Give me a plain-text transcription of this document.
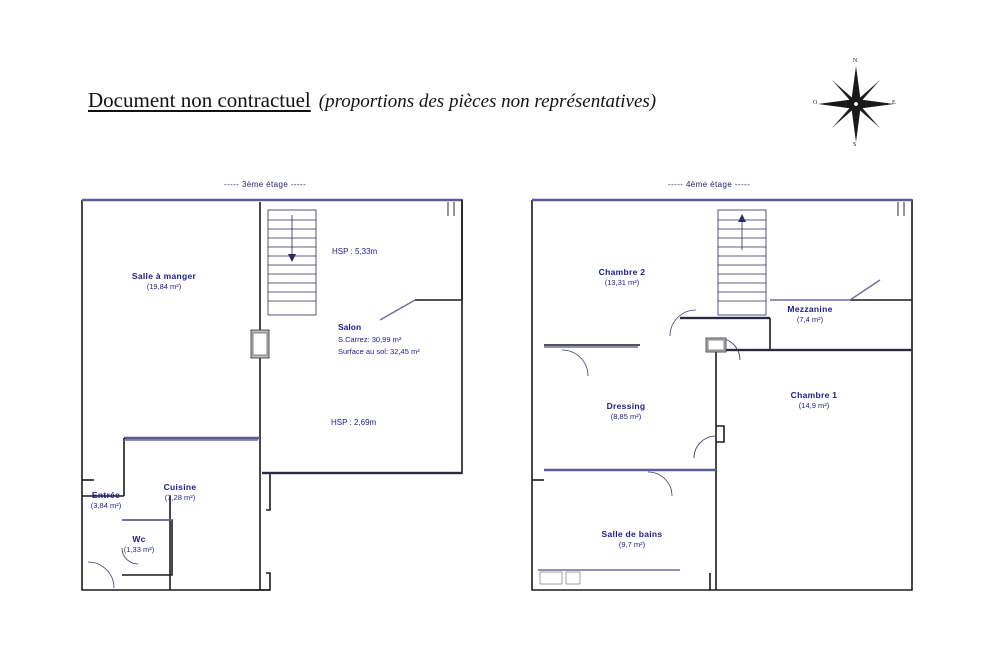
Document non contractuel (proportions des pièces non représentatives)
N
E
S
O
----- 3ème étage -----
Salle à manger
(19,84 m²)
Cuisine
(7,28 m²)
Entrée
(3,84 m²)
Wc
(1,33 m²)
Salon
S.Carrez: 30,99 m²
Surface au sol: 32,45 m²
HSP : 5,33m
HSP : 2,69m
----- 4ème étage -----
Chambre 2
(13,31 m²)
Mezzanine
(7,4 m²)
Chambre 1
(14,9 m²)
Dressing
(8,85 m²)
Salle de bains
(9,7 m²)
